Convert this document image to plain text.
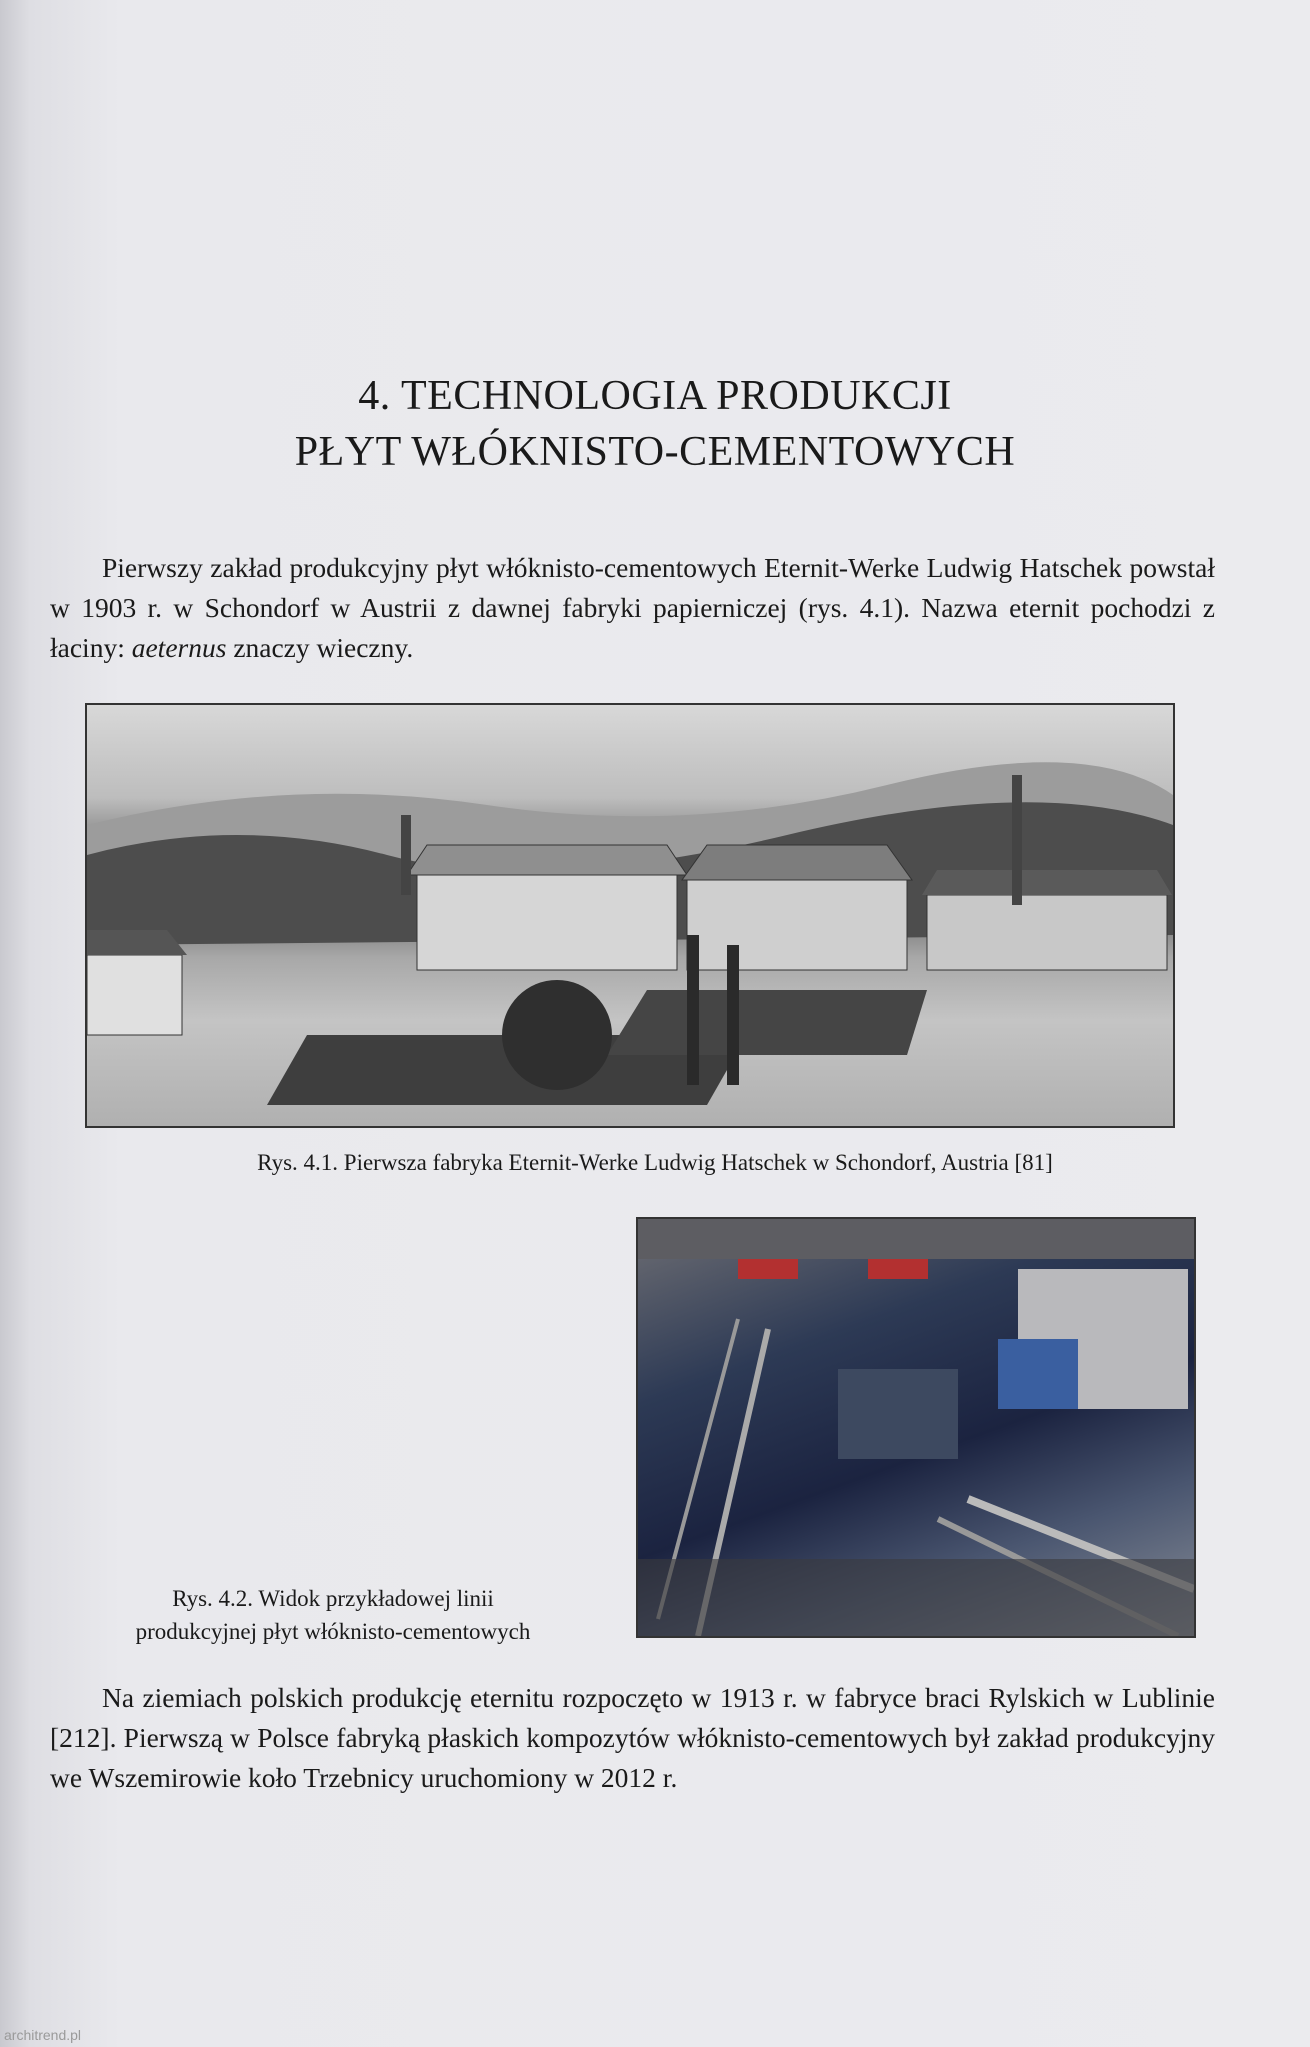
4. TECHNOLOGIA PRODUKCJI
PŁYT WŁÓKNISTO-CEMENTOWYCH
Pierwszy zakład produkcyjny płyt włóknisto-cementowych Eternit-Werke Ludwig Hatschek powstał w 1903 r. w Schondorf w Austrii z dawnej fabryki papierniczej (rys. 4.1). Nazwa eternit pochodzi z łaciny: aeternus znaczy wieczny.
Rys. 4.1. Pierwsza fabryka Eternit-Werke Ludwig Hatschek w Schondorf, Austria [81]
Rys. 4.2. Widok przykładowej linii
produkcyjnej płyt włóknisto-cementowych
Na ziemiach polskich produkcję eternitu rozpoczęto w 1913 r. w fabryce braci Rylskich w Lublinie [212]. Pierwszą w Polsce fabryką płaskich kompozytów włóknisto-cementowych był zakład produkcyjny we Wszemirowie koło Trzebnicy uruchomiony w 2012 r.
architrend.pl
